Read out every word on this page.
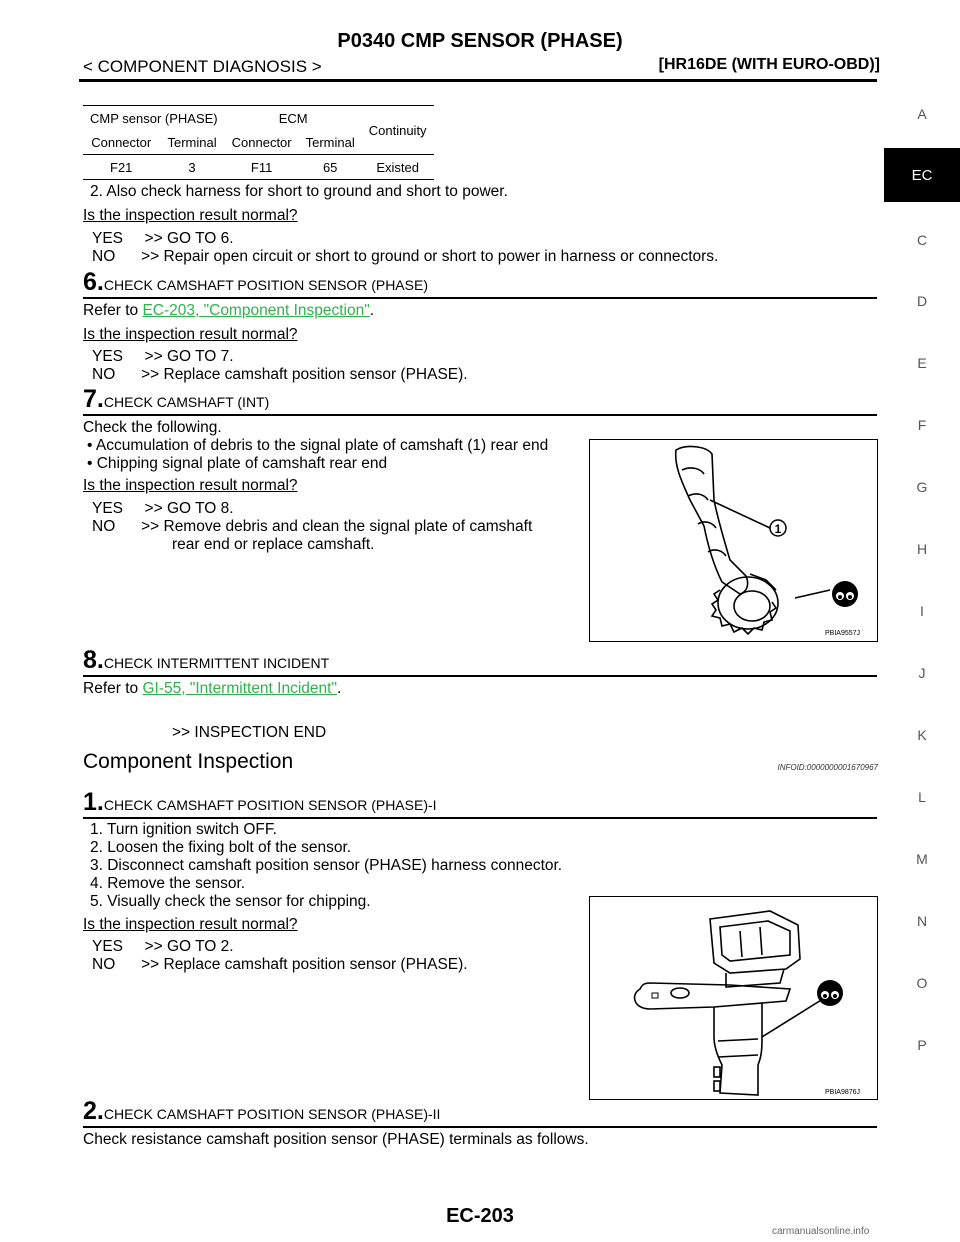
P0340 CMP SENSOR (PHASE)
< COMPONENT DIAGNOSIS >	[HR16DE (WITH EURO-OBD)]
A
EC
C
D
E
F
G
H
I
J
K
L
M
N
O
P
CMP sensor (PHASE)		ECM		Continuity
Connector	Terminal	Connector	Terminal	
F21	3	F11	65	Existed
2. Also check harness for short to ground and short to power.
Is the inspection result normal?
YES     >> GO TO 6.
NO      >> Repair open circuit or short to ground or short to power in harness or connectors.
6.CHECK CAMSHAFT POSITION SENSOR (PHASE)
Refer to EC-203, "Component Inspection".
Is the inspection result normal?
YES     >> GO TO 7.
NO      >> Replace camshaft position sensor (PHASE).
7.CHECK CAMSHAFT (INT)
Check the following.
• Accumulation of debris to the signal plate of camshaft (1) rear end
• Chipping signal plate of camshaft rear end
Is the inspection result normal?
YES     >> GO TO 8.
NO      >> Remove debris and clean the signal plate of camshaft
rear end or replace camshaft.
1
PBIA9557J
8.CHECK INTERMITTENT INCIDENT
Refer to GI-55, "Intermittent Incident".
>> INSPECTION END
Component Inspection	INFOID:0000000001670967
1.CHECK CAMSHAFT POSITION SENSOR (PHASE)-I
1. Turn ignition switch OFF.
2. Loosen the fixing bolt of the sensor.
3. Disconnect camshaft position sensor (PHASE) harness connector.
4. Remove the sensor.
5. Visually check the sensor for chipping.
Is the inspection result normal?
YES     >> GO TO 2.
NO      >> Replace camshaft position sensor (PHASE).
PBIA9876J
2.CHECK CAMSHAFT POSITION SENSOR (PHASE)-II
Check resistance camshaft position sensor (PHASE) terminals as follows.
EC-203
carmanualsonline.info
